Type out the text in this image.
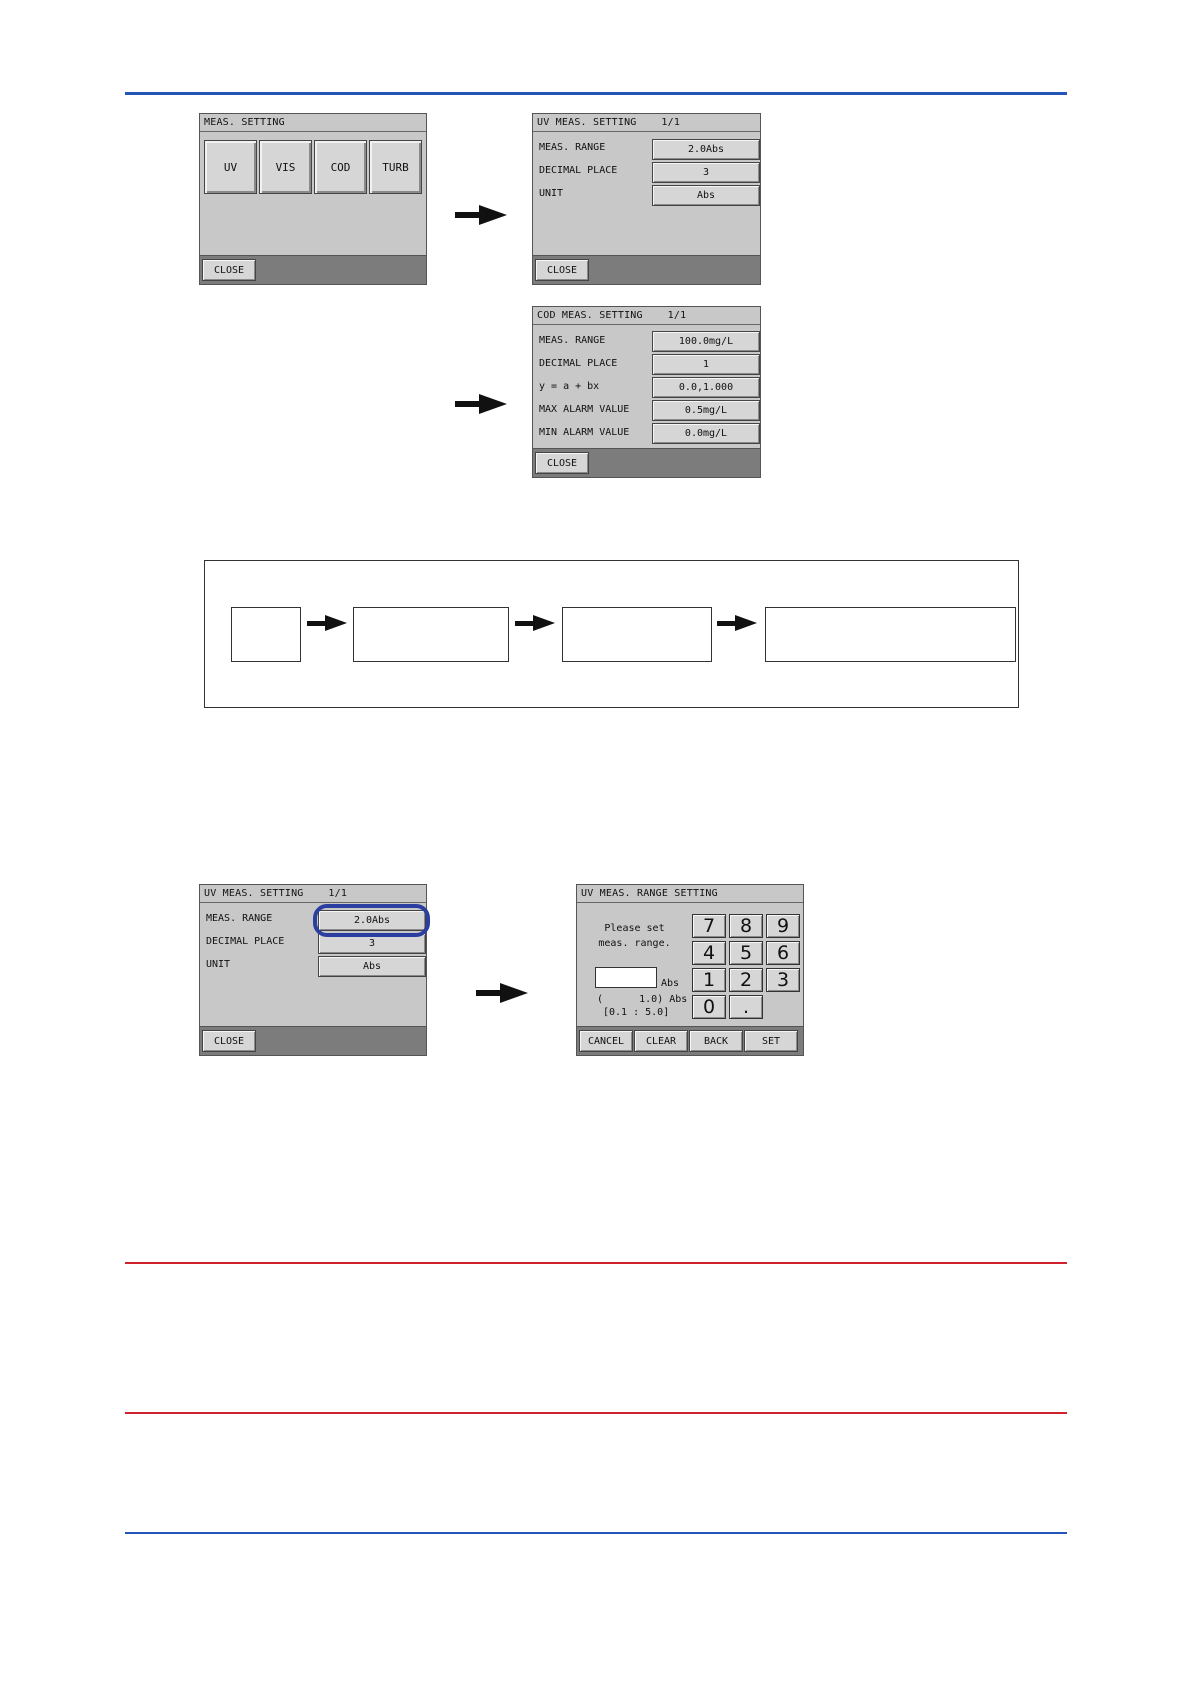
MEAS. SETTING
UV	VIS	COD	TURB
CLOSE
UV MEAS. SETTING    1/1
MEAS. RANGE	2.0Abs
DECIMAL PLACE	3
UNIT	Abs
CLOSE
COD MEAS. SETTING    1/1
MEAS. RANGE	100.0mg/L
DECIMAL PLACE	1
y = a + bx	0.0,1.000
MAX ALARM VALUE	0.5mg/L
MIN ALARM VALUE	0.0mg/L
CLOSE
UV MEAS. SETTING    1/1
MEAS. RANGE	2.0Abs
DECIMAL PLACE	3
UNIT	Abs
CLOSE
UV MEAS. RANGE SETTING
Please set
meas. range.
Abs
(      1.0) Abs
[0.1 : 5.0]
7	8	9
4	5	6
1	2	3
0	.
CANCEL	CLEAR	BACK	SET
